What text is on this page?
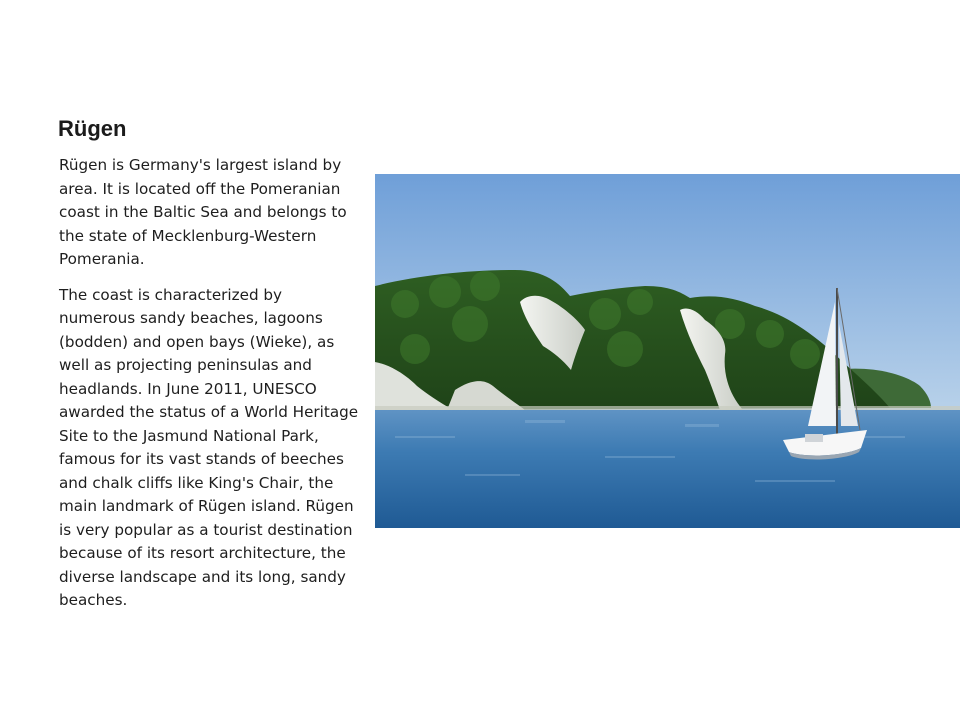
Rügen

Rügen is Germany's largest island by area. It is located off the Pomeranian coast in the Baltic Sea and belongs to the state of Mecklenburg-Western Pomerania.

The coast is characterized by numerous sandy beaches, lagoons (bodden) and open bays (Wieke), as well as projecting peninsulas and headlands. In June 2011, UNESCO awarded the status of a World Heritage Site to the Jasmund National Park, famous for its vast stands of beeches and chalk cliffs like King's Chair, the main landmark of Rügen island. Rügen is very popular as a tourist destination because of its resort architecture, the diverse landscape and its long, sandy beaches.
